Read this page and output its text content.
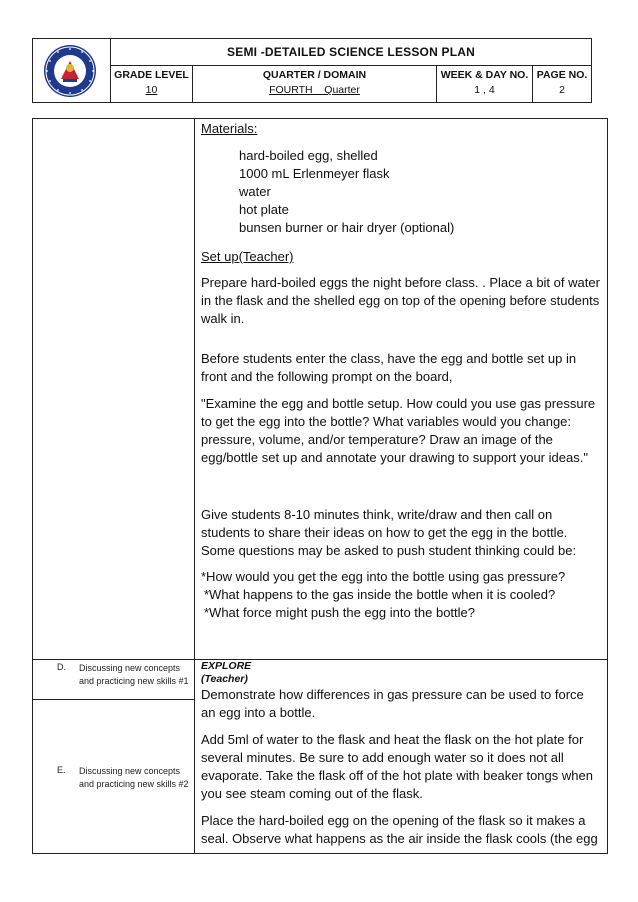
SEMI -DETAILED SCIENCE LESSON PLAN
GRADE LEVEL
10
QUARTER / DOMAIN
FOURTH    Quarter
WEEK & DAY NO.
1 , 4
PAGE NO.
2
D. Discussing new concepts and practicing new skills #1
E. Discussing new concepts and practicing new skills #2

Materials:

hard-boiled egg, shelled

1000 mL Erlenmeyer flask

water

hot plate

bunsen burner or hair dryer (optional)

Set up(Teacher)

Prepare hard-boiled eggs the night before class. . Place a bit of water in the flask and the shelled egg on top of the opening before students walk in.

Before students enter the class, have the egg and bottle set up in front and the following prompt on the board,

"Examine the egg and bottle setup. How could you use gas pressure to get the egg into the bottle? What variables would you change: pressure, volume, and/or temperature? Draw an image of the egg/bottle set up and annotate your drawing to support your ideas."

Give students 8-10 minutes think, write/draw and then call on students to share their ideas on how to get the egg in the bottle. Some questions may be asked to push student thinking could be:

*How would you get the egg into the bottle using gas pressure?

*What happens to the gas inside the bottle when it is cooled?

*What force might push the egg into the bottle?

EXPLORE

(Teacher)

Demonstrate how differences in gas pressure can be used to force an egg into a bottle.

Add 5ml of water to the flask and heat the flask on the hot plate for several minutes. Be sure to add enough water so it does not all evaporate. Take the flask off of the hot plate with beaker tongs when you see steam coming out of the flask.

Place the hard-boiled egg on the opening of the flask so it makes a seal. Observe what happens as the air inside the flask cools (the egg
